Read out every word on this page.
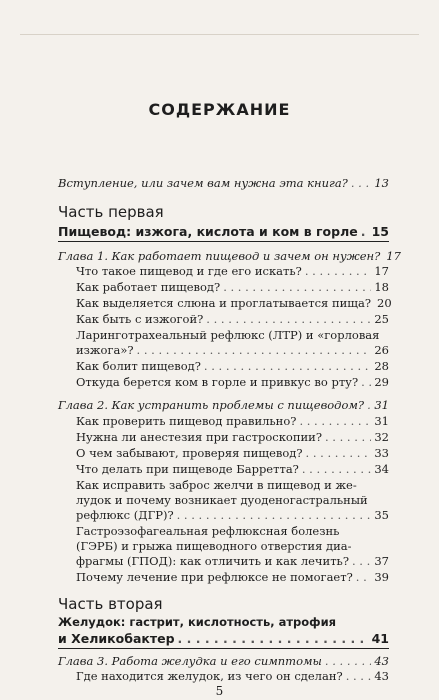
СОДЕРЖАНИЕ
Вступление, или зачем вам нужна эта книга? . . . 13
Часть первая
Пищевод: изжога, кислота и ком в горле . . . 15
Глава 1. Как работает пищевод и зачем он нужен? 17
Что такое пищевод и где его искать? . . .	17
Как работает пищевод? . . .	18
Как выделяется слюна и проглатывается пища? 20
Как быть с изжогой? . . .	25
Ларинготрахеальный рефлюкс (ЛТР) и «горловая
изжога»? . . .	26
Как болит пищевод? . . .	28
Откуда берется ком в горле и привкус во рту? . . . 29
Глава 2. Как устранить проблемы с пищеводом? . . . 31
Как проверить пищевод правильно? . . .	31
Нужна ли анестезия при гастроскопии? . . .	32
О чем забывают, проверяя пищевод? . . .	33
Что делать при пищеводе Барретта? . . .	34
Как исправить заброс желчи в пищевод и же-
лудок и почему возникает дуоденогастральный
рефлюкс (ДГР)? . . .	35
Гастроэзофагеальная рефлюксная болезнь
(ГЭРБ) и грыжа пищеводного отверстия диа-
фрагмы (ГПОД): как отличить и как лечить? . . . 37
Почему лечение при рефлюксе не помогает? . . . 39
Часть вторая
Желудок: гастрит, кислотность, атрофия
и Хеликобактер . . .	41
Глава 3. Работа желудка и его симптомы . . .	43
Где находится желудок, из чего он сделан? . . .	43
5
